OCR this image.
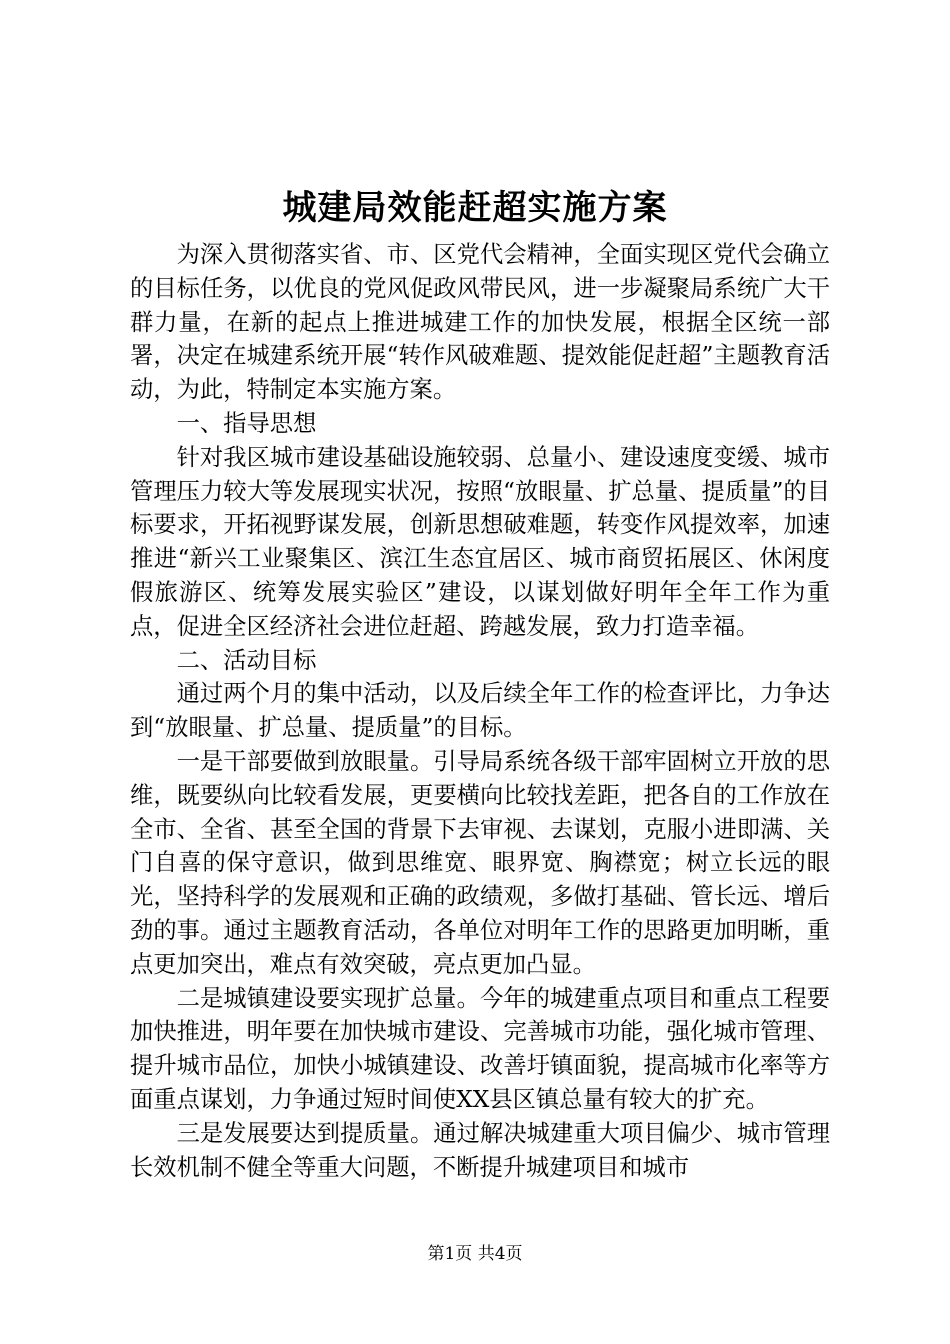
城建局效能赶超实施方案

为深入贯彻落实省、市、区党代会精神，全面实现区党代会确立的目标任务，以优良的党风促政风带民风，进一步凝聚局系统广大干群力量，在新的起点上推进城建工作的加快发展，根据全区统一部署，决定在城建系统开展“转作风破难题、提效能促赶超”主题教育活动，为此，特制定本实施方案。

一、指导思想

针对我区城市建设基础设施较弱、总量小、建设速度变缓、城市管理压力较大等发展现实状况，按照“放眼量、扩总量、提质量”的目标要求，开拓视野谋发展，创新思想破难题，转变作风提效率，加速推进“新兴工业聚集区、滨江生态宜居区、城市商贸拓展区、休闲度假旅游区、统筹发展实验区”建设，以谋划做好明年全年工作为重点，促进全区经济社会进位赶超、跨越发展，致力打造幸福。

二、活动目标

通过两个月的集中活动，以及后续全年工作的检查评比，力争达到“放眼量、扩总量、提质量”的目标。

一是干部要做到放眼量。引导局系统各级干部牢固树立开放的思维，既要纵向比较看发展，更要横向比较找差距，把各自的工作放在全市、全省、甚至全国的背景下去审视、去谋划，克服小进即满、关门自喜的保守意识，做到思维宽、眼界宽、胸襟宽；树立长远的眼光，坚持科学的发展观和正确的政绩观，多做打基础、管长远、增后劲的事。通过主题教育活动，各单位对明年工作的思路更加明晰，重点更加突出，难点有效突破，亮点更加凸显。

二是城镇建设要实现扩总量。今年的城建重点项目和重点工程要加快推进，明年要在加快城市建设、完善城市功能，强化城市管理、提升城市品位，加快小城镇建设、改善圩镇面貌，提高城市化率等方面重点谋划，力争通过短时间使XX县区镇总量有较大的扩充。

三是发展要达到提质量。通过解决城建重大项目偏少、城市管理长效机制不健全等重大问题，不断提升城建项目和城市

第1页 共4页
